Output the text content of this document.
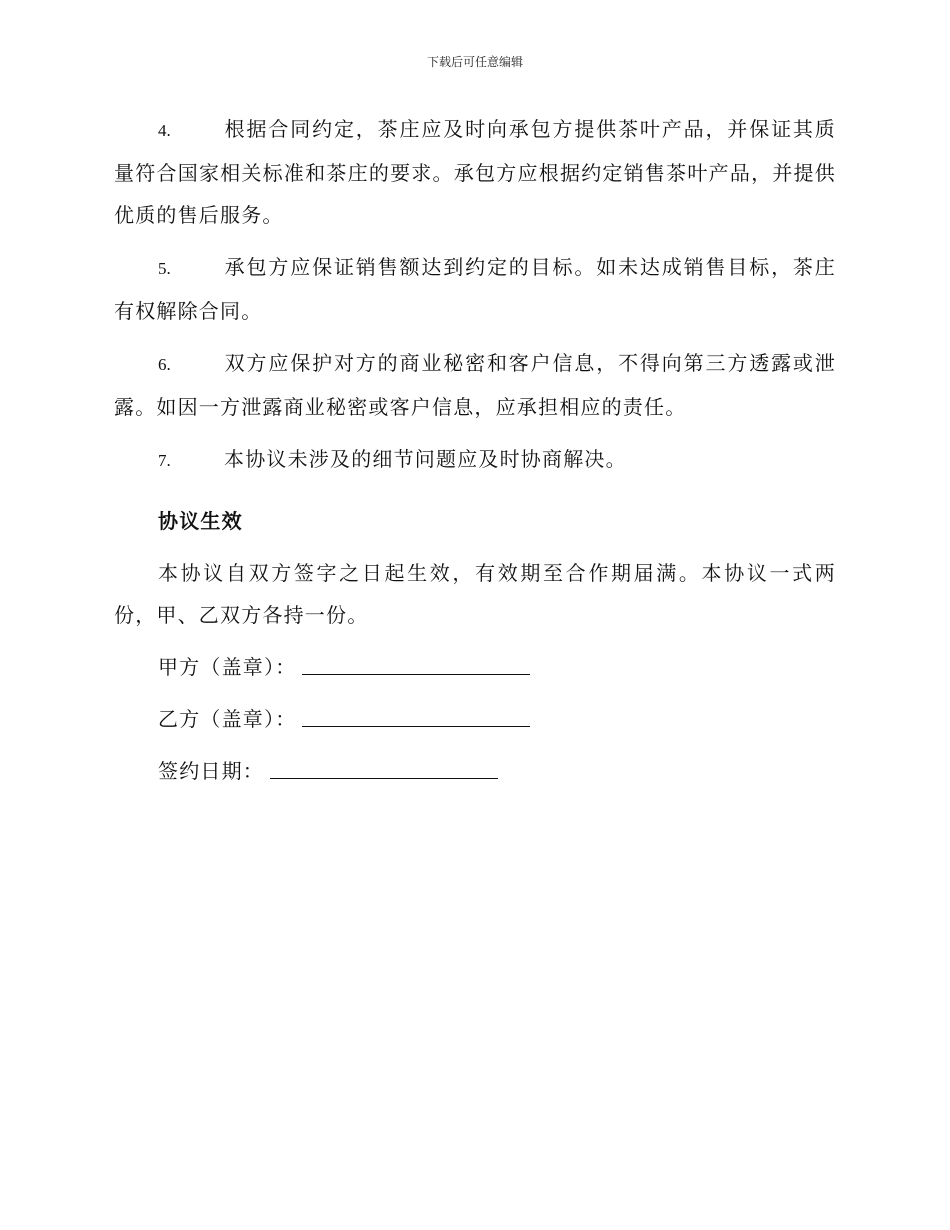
下载后可任意编辑

4.	根据合同约定，茶庄应及时向承包方提供茶叶产品，并保证其质量符合国家相关标准和茶庄的要求。承包方应根据约定销售茶叶产品，并提供优质的售后服务。

5.	承包方应保证销售额达到约定的目标。如未达成销售目标，茶庄有权解除合同。

6.	双方应保护对方的商业秘密和客户信息，不得向第三方透露或泄露。如因一方泄露商业秘密或客户信息，应承担相应的责任。

7.	本协议未涉及的细节问题应及时协商解决。

协议生效

本协议自双方签字之日起生效，有效期至合作期届满。本协议一式两份，甲、乙双方各持一份。

甲方（盖章）：
乙方（盖章）：
签约日期：
